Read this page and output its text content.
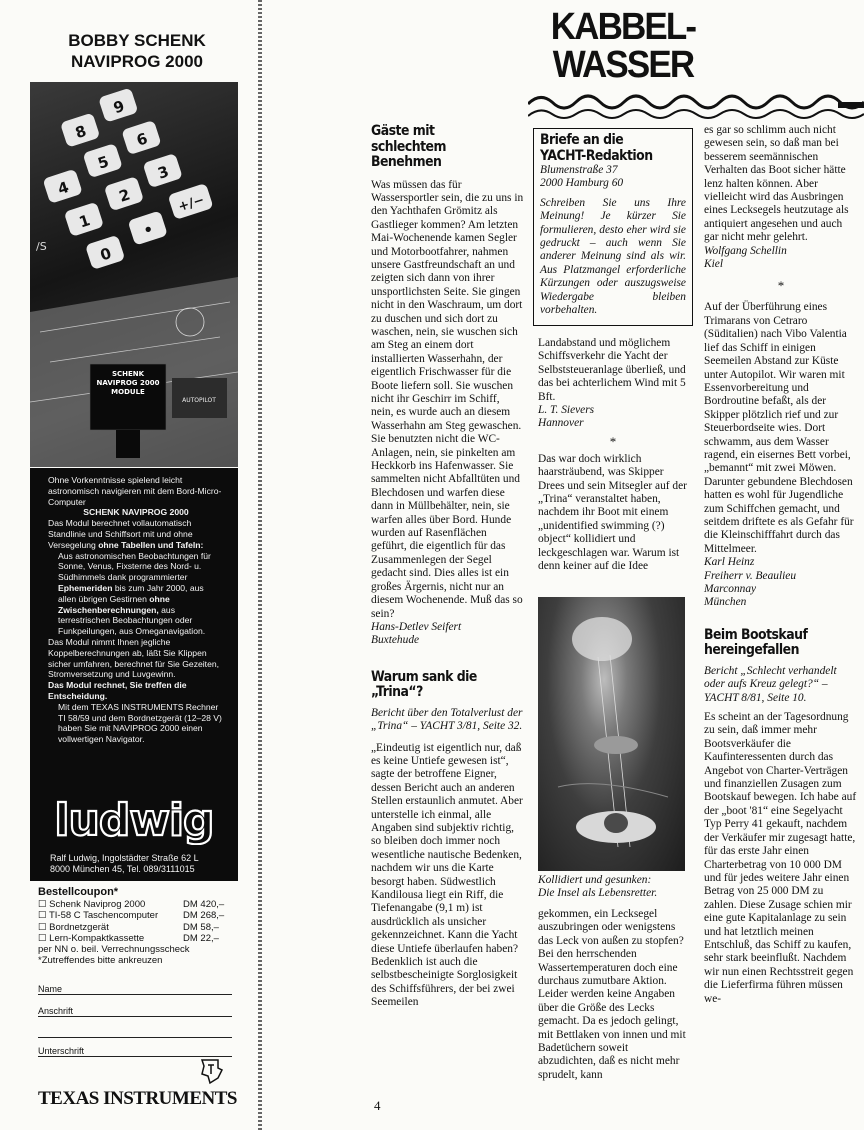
BOBBY SCHENK NAVIPROG 2000
9
8	6
5
4
3
2
1
+/−
0
•
/S
AUTOPILOT
SCHENK NAVIPROG 2000 MODULE
Ohne Vorkenntnisse spielend leicht astronomisch navigieren mit dem Bord-Micro-Computer

SCHENK NAVIPROG 2000
Das Modul berechnet vollautomatisch Standlinie und Schiffsort mit und ohne Versegelung ohne Tabellen und Tafeln:
Aus astronomischen Beobachtungen für Sonne, Venus, Fixsterne des Nord- u. Südhimmels dank programmierter Ephemeriden bis zum Jahr 2000, aus allen übrigen Gestirnen ohne Zwischenberechnungen, aus terrestrischen Beobachtungen oder Funkpeilungen, aus Omeganavigation.
Das Modul nimmt Ihnen jegliche Koppelberechnungen ab, läßt Sie Klippen sicher umfahren, berechnet für Sie Gezeiten, Stromversetzung und Luvgewinn.
Das Modul rechnet, Sie treffen die Entscheidung.

Mit dem TEXAS INSTRUMENTS Rechner TI 58/59 und dem Bordnetzgerät (12–28 V) haben Sie mit NAVIPROG 2000 einen vollwertigen Navigator.
ludwig
Ralf Ludwig, Ingolstädter Straße 62 L
8000 München 45, Tel. 089/3111015
Bestellcoupon*
☐ Schenk Naviprog 2000	DM 420,–
☐ TI-58 C Taschencomputer	DM 268,–
☐ Bordnetzgerät	DM 58,–
☐ Lern-Kompaktkassette	DM 22,–
per NN o. beil. Verrechnungsscheck
*Zutreffendes bitte ankreuzen
Name
Anschrift
Unterschrift
TEXAS INSTRUMENTS
KABBEL-
WASSER
Gäste mit schlechtem Benehmen

Was müssen das für Wassersportler sein, die zu uns in den Yachthafen Grömitz als Gastlieger kommen? Am letzten Mai-Wochenende kamen Segler und Motorbootfahrer, nahmen unsere Gastfreundschaft an und zeigten sich dann von ihrer unsportlichsten Seite. Sie gingen nicht in den Waschraum, um dort zu duschen und sich dort zu waschen, nein, sie wuschen sich am Steg an einem dort installierten Wasserhahn, der eigentlich Frischwasser für die Boote liefern soll. Sie wuschen nicht ihr Geschirr im Schiff, nein, es wurde auch an diesem Wasserhahn am Steg gewaschen. Sie benutzten nicht die WC-Anlagen, nein, sie pinkelten am Heckkorb ins Hafenwasser. Sie sammelten nicht Abfalltüten und Blechdosen und warfen diese dann in Müllbehälter, nein, sie warfen alles über Bord. Hunde wurden auf Rasenflächen geführt, die eigentlich für das Zusammenlegen der Segel gedacht sind. Dies alles ist ein großes Ärgernis, nicht nur an diesem Wochenende. Muß das so sein?

Hans-Detlev Seifert
Buxtehude
Warum sank die „Trina“?
Bericht über den Totalverlust der „Trina“ – YACHT 3/81, Seite 32.

„Eindeutig ist eigentlich nur, daß es keine Untiefe gewesen ist“, sagte der betroffene Eigner, dessen Bericht auch an anderen Stellen erstaunlich anmutet. Aber unterstelle ich einmal, alle Angaben sind subjektiv richtig, so bleiben doch immer noch wesentliche nautische Bedenken, nachdem wir uns die Karte besorgt haben. Südwestlich Kandilousa liegt ein Riff, die Tiefenangabe (9,1 m) ist ausdrücklich als unsicher gekennzeichnet. Kann die Yacht diese Untiefe überlaufen haben? Bedenklich ist auch die selbstbescheinigte Sorglosigkeit des Schiffsführers, der bei zwei Seemeilen

Briefe an die YACHT-Redaktion
Blumenstraße 37
2000 Hamburg 60
Schreiben Sie uns Ihre Meinung! Je kürzer Sie formulieren, desto eher wird sie gedruckt – auch wenn Sie anderer Meinung sind als wir. Aus Platzmangel erforderliche Kürzungen oder auszugsweise Wiedergabe bleiben vorbehalten.

Landabstand und möglichem Schiffsverkehr die Yacht der Selbststeueranlage überließ, und das bei achterlichem Wind mit 5 Bft.

L. T. Sievers
Hannover
*

Das war doch wirklich haarsträubend, was Skipper Drees und sein Mitsegler auf der „Trina“ veranstaltet haben, nachdem ihr Boot mit einem „unidentified swimming (?) object“ kollidiert und leckgeschlagen war. Warum ist denn keiner auf die Idee

Kollidiert und gesunken:
Die Insel als Lebensretter.

gekommen, ein Lecksegel auszubringen oder wenigstens das Leck von außen zu stopfen? Bei den herrschenden Wassertemperaturen doch eine durchaus zumutbare Aktion. Leider werden keine Angaben über die Größe des Lecks gemacht. Da es jedoch gelingt, mit Bettlaken von innen und mit Badetüchern soweit abzudichten, daß es nicht mehr sprudelt, kann

es gar so schlimm auch nicht gewesen sein, so daß man bei besserem seemännischen Verhalten das Boot sicher hätte lenz halten können. Aber vielleicht wird das Ausbringen eines Lecksegels heutzutage als antiquiert angesehen und auch gar nicht mehr gelehrt.

Wolfgang Schellin
Kiel
*

Auf der Überführung eines Trimarans von Cetraro (Süditalien) nach Vibo Valentia lief das Schiff in einigen Seemeilen Abstand zur Küste unter Autopilot. Wir waren mit Essenvorbereitung und Bordroutine befaßt, als der Skipper plötzlich rief und zur Steuerbordseite wies. Dort schwamm, aus dem Wasser ragend, ein eisernes Bett vorbei, „bemannt“ mit zwei Möwen. Darunter gebundene Blechdosen hatten es wohl für Jugendliche zum Schiffchen gemacht, und seitdem driftete es als Gefahr für die Kleinschifffahrt durch das Mittelmeer.

Karl Heinz
Freiherr v. Beaulieu
Marconnay
München
Beim Bootskauf hereingefallen
Bericht „Schlecht verhandelt oder aufs Kreuz gelegt?“ –YACHT 8/81, Seite 10.

Es scheint an der Tagesordnung zu sein, daß immer mehr Bootsverkäufer die Kaufinteressenten durch das Angebot von Charter-Verträgen und finanziellen Zusagen zum Bootskauf bewegen. Ich habe auf der „boot '81“ eine Segelyacht Typ Perry 41 gekauft, nachdem der Verkäufer mir zugesagt hatte, für das erste Jahr einen Charterbetrag von 10 000 DM und für jedes weitere Jahr einen Betrag von 25 000 DM zu zahlen. Diese Zusage schien mir eine gute Kapitalanlage zu sein und hat letztlich meinen Entschluß, das Schiff zu kaufen, sehr stark beeinflußt. Nachdem wir nun einen Rechtsstreit gegen die Lieferfirma führen müssen we-

4
